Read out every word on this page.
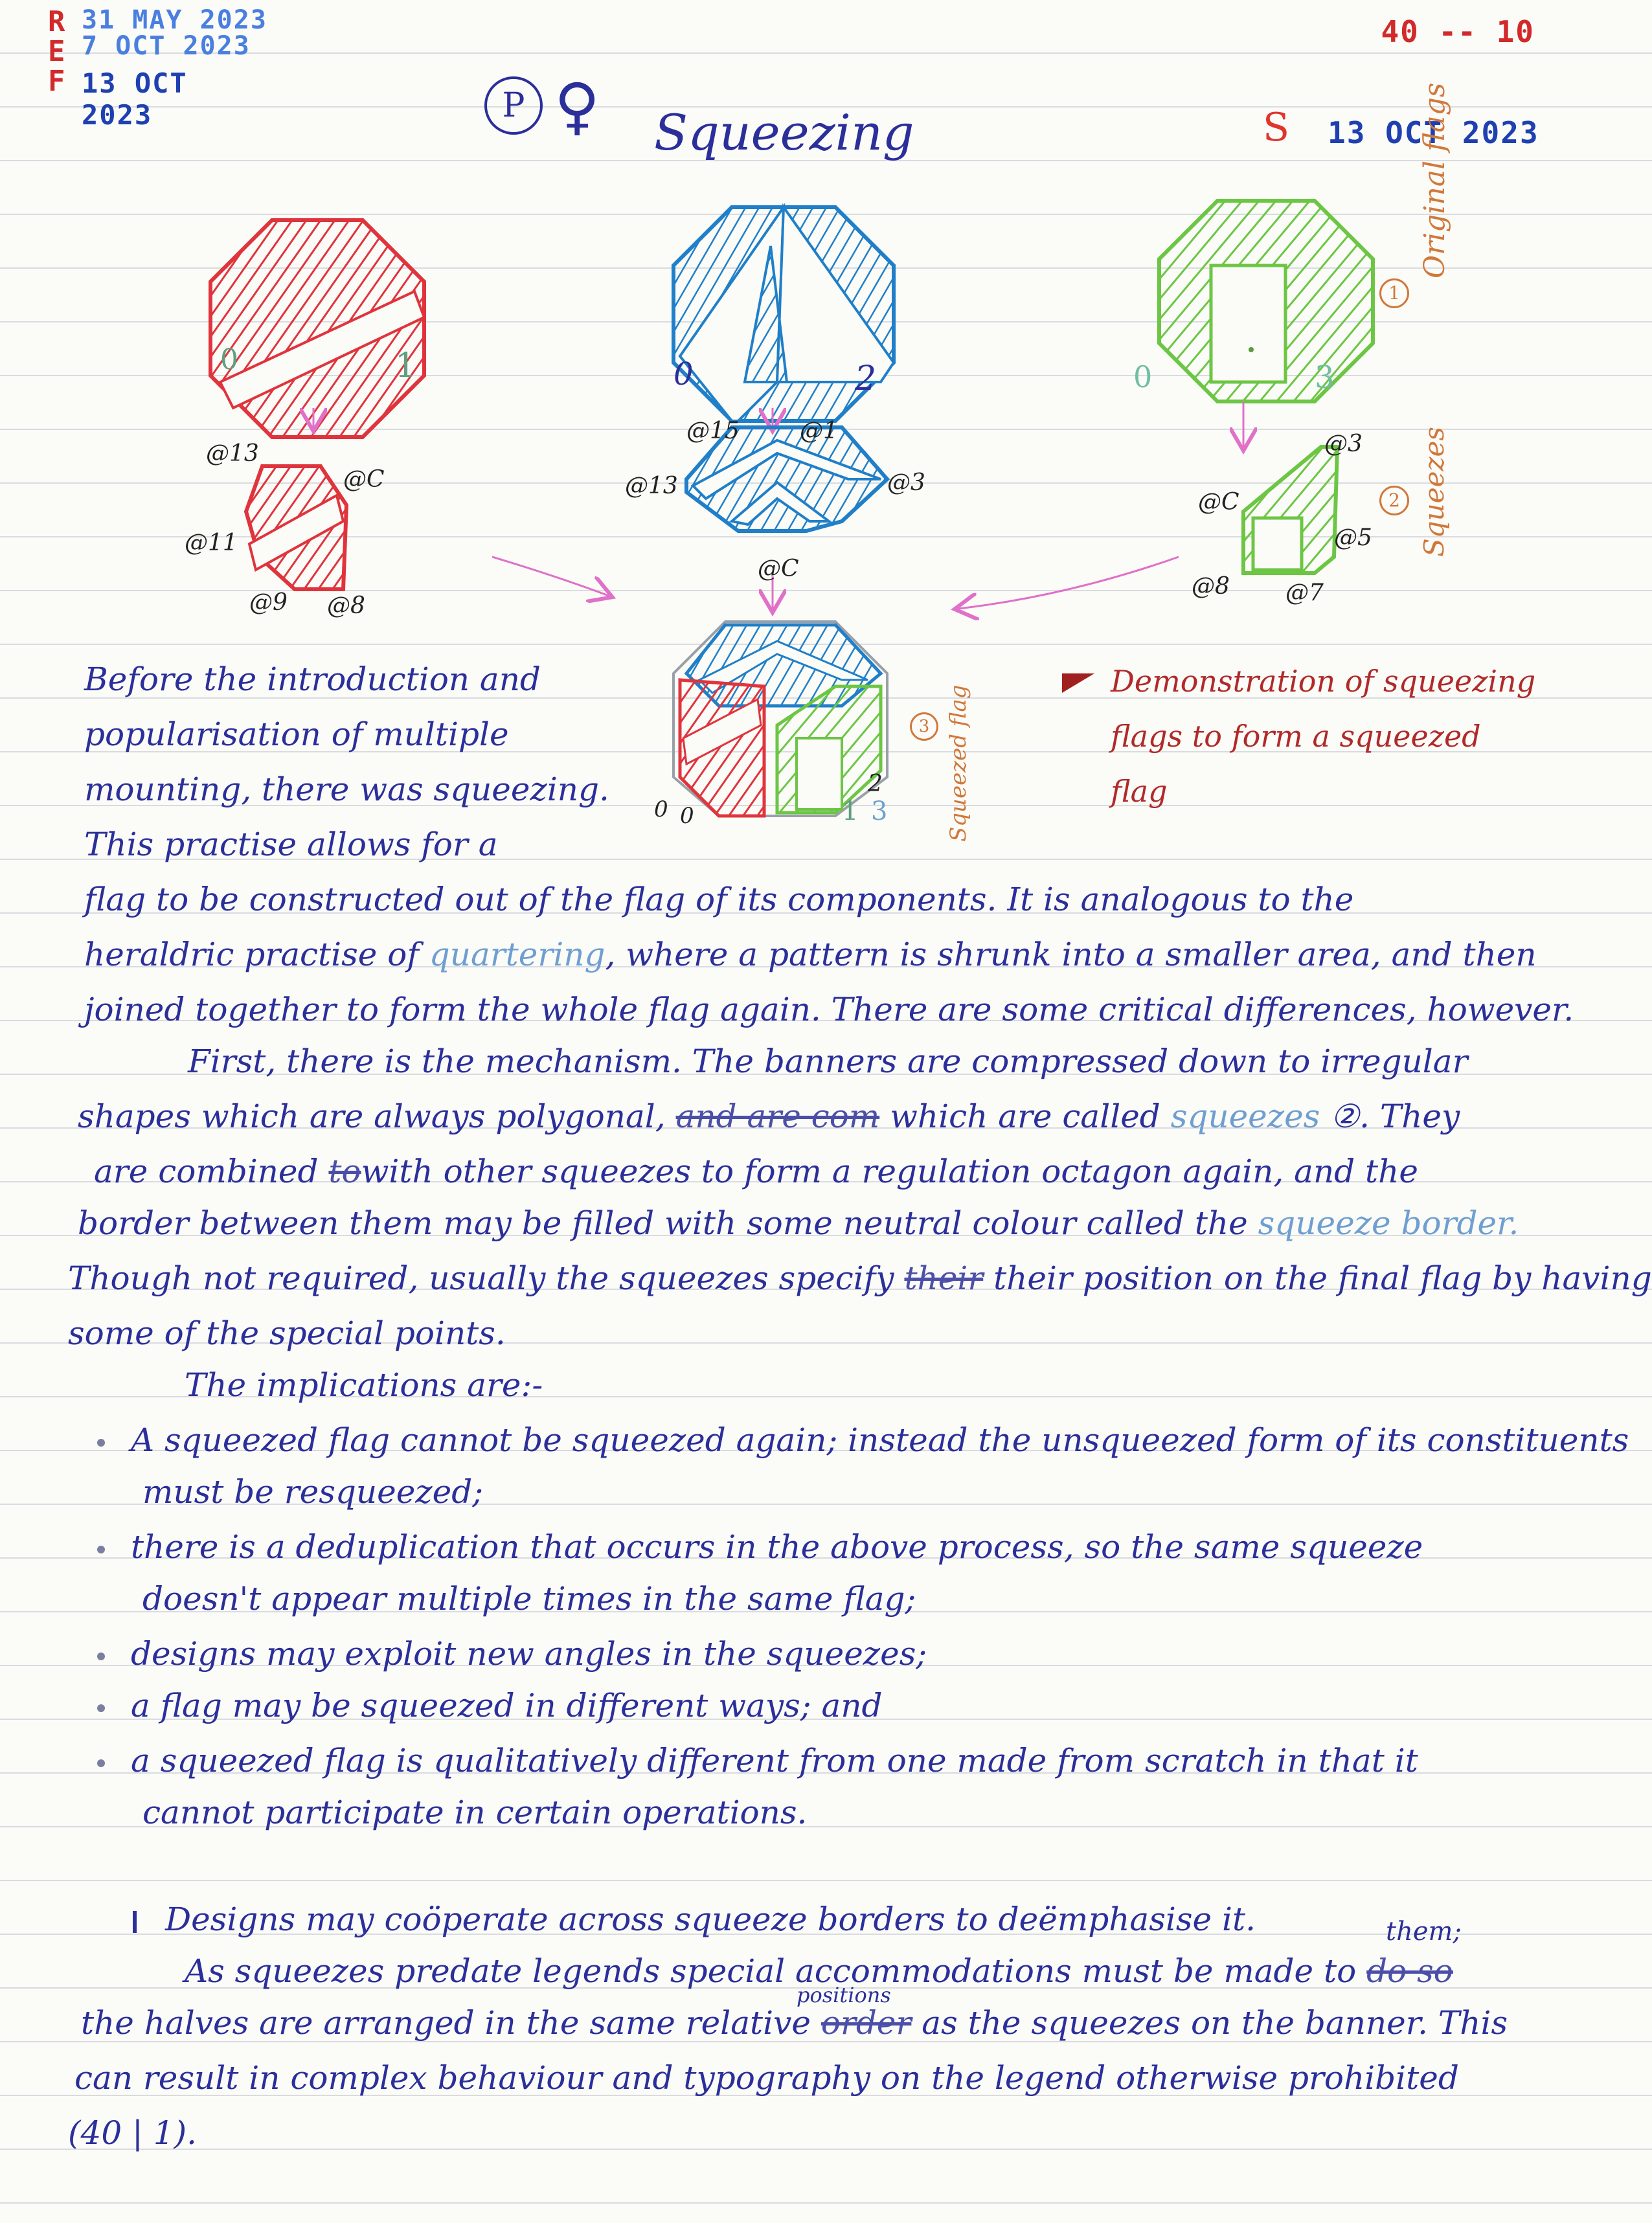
R
E
F
31 MAY 2023
7 OCT 2023
13 OCT 2023
40 -- 10
P ♀ Squeezing	S 13 OCT 2023
0	1	0	2	0	3
@13
@C
@11
@9 @8
@15	@1
@13	@3
@C
@3
@C
@5
@8 @7
0 0
2
1 3
Original flags
1
Squeezes
2
Squeezed flag
3
Demonstration of squeezing
flags to form a squeezed
flag
Before the introduction and
popularisation of multiple
mounting, there was squeezing.
This practise allows for a
flag to be constructed out of the flag of its components. It is analogous to the
heraldric practise of quartering, where a pattern is shrunk into a smaller area, and then
joined together to form the whole flag again. There are some critical differences, however.
First, there is the mechanism. The banners are compressed down to irregular
shapes which are always polygonal, and are com which are called squeezes ②. They
are combined towith other squeezes to form a regulation octagon again, and the
border between them may be filled with some neutral colour called the squeeze border.
Though not required, usually the squeezes specify their their position on the final flag by having
some of the special points.
The implications are:-
A squeezed flag cannot be squeezed again; instead the unsqueezed form of its constituents
must be resqueezed;
there is a deduplication that occurs in the above process, so the same squeeze
doesn't appear multiple times in the same flag;
designs may exploit new angles in the squeezes;
a flag may be squeezed in different ways; and
a squeezed flag is qualitatively different from one made from scratch in that it
cannot participate in certain operations.
Designs may coöperate across squeeze borders to deëmphasise it.	them;
As squeezes predate legends special accommodations must be made to do so
positions
the halves are arranged in the same relative order as the squeezes on the banner. This
can result in complex behaviour and typography on the legend otherwise prohibited
(40 | 1).
